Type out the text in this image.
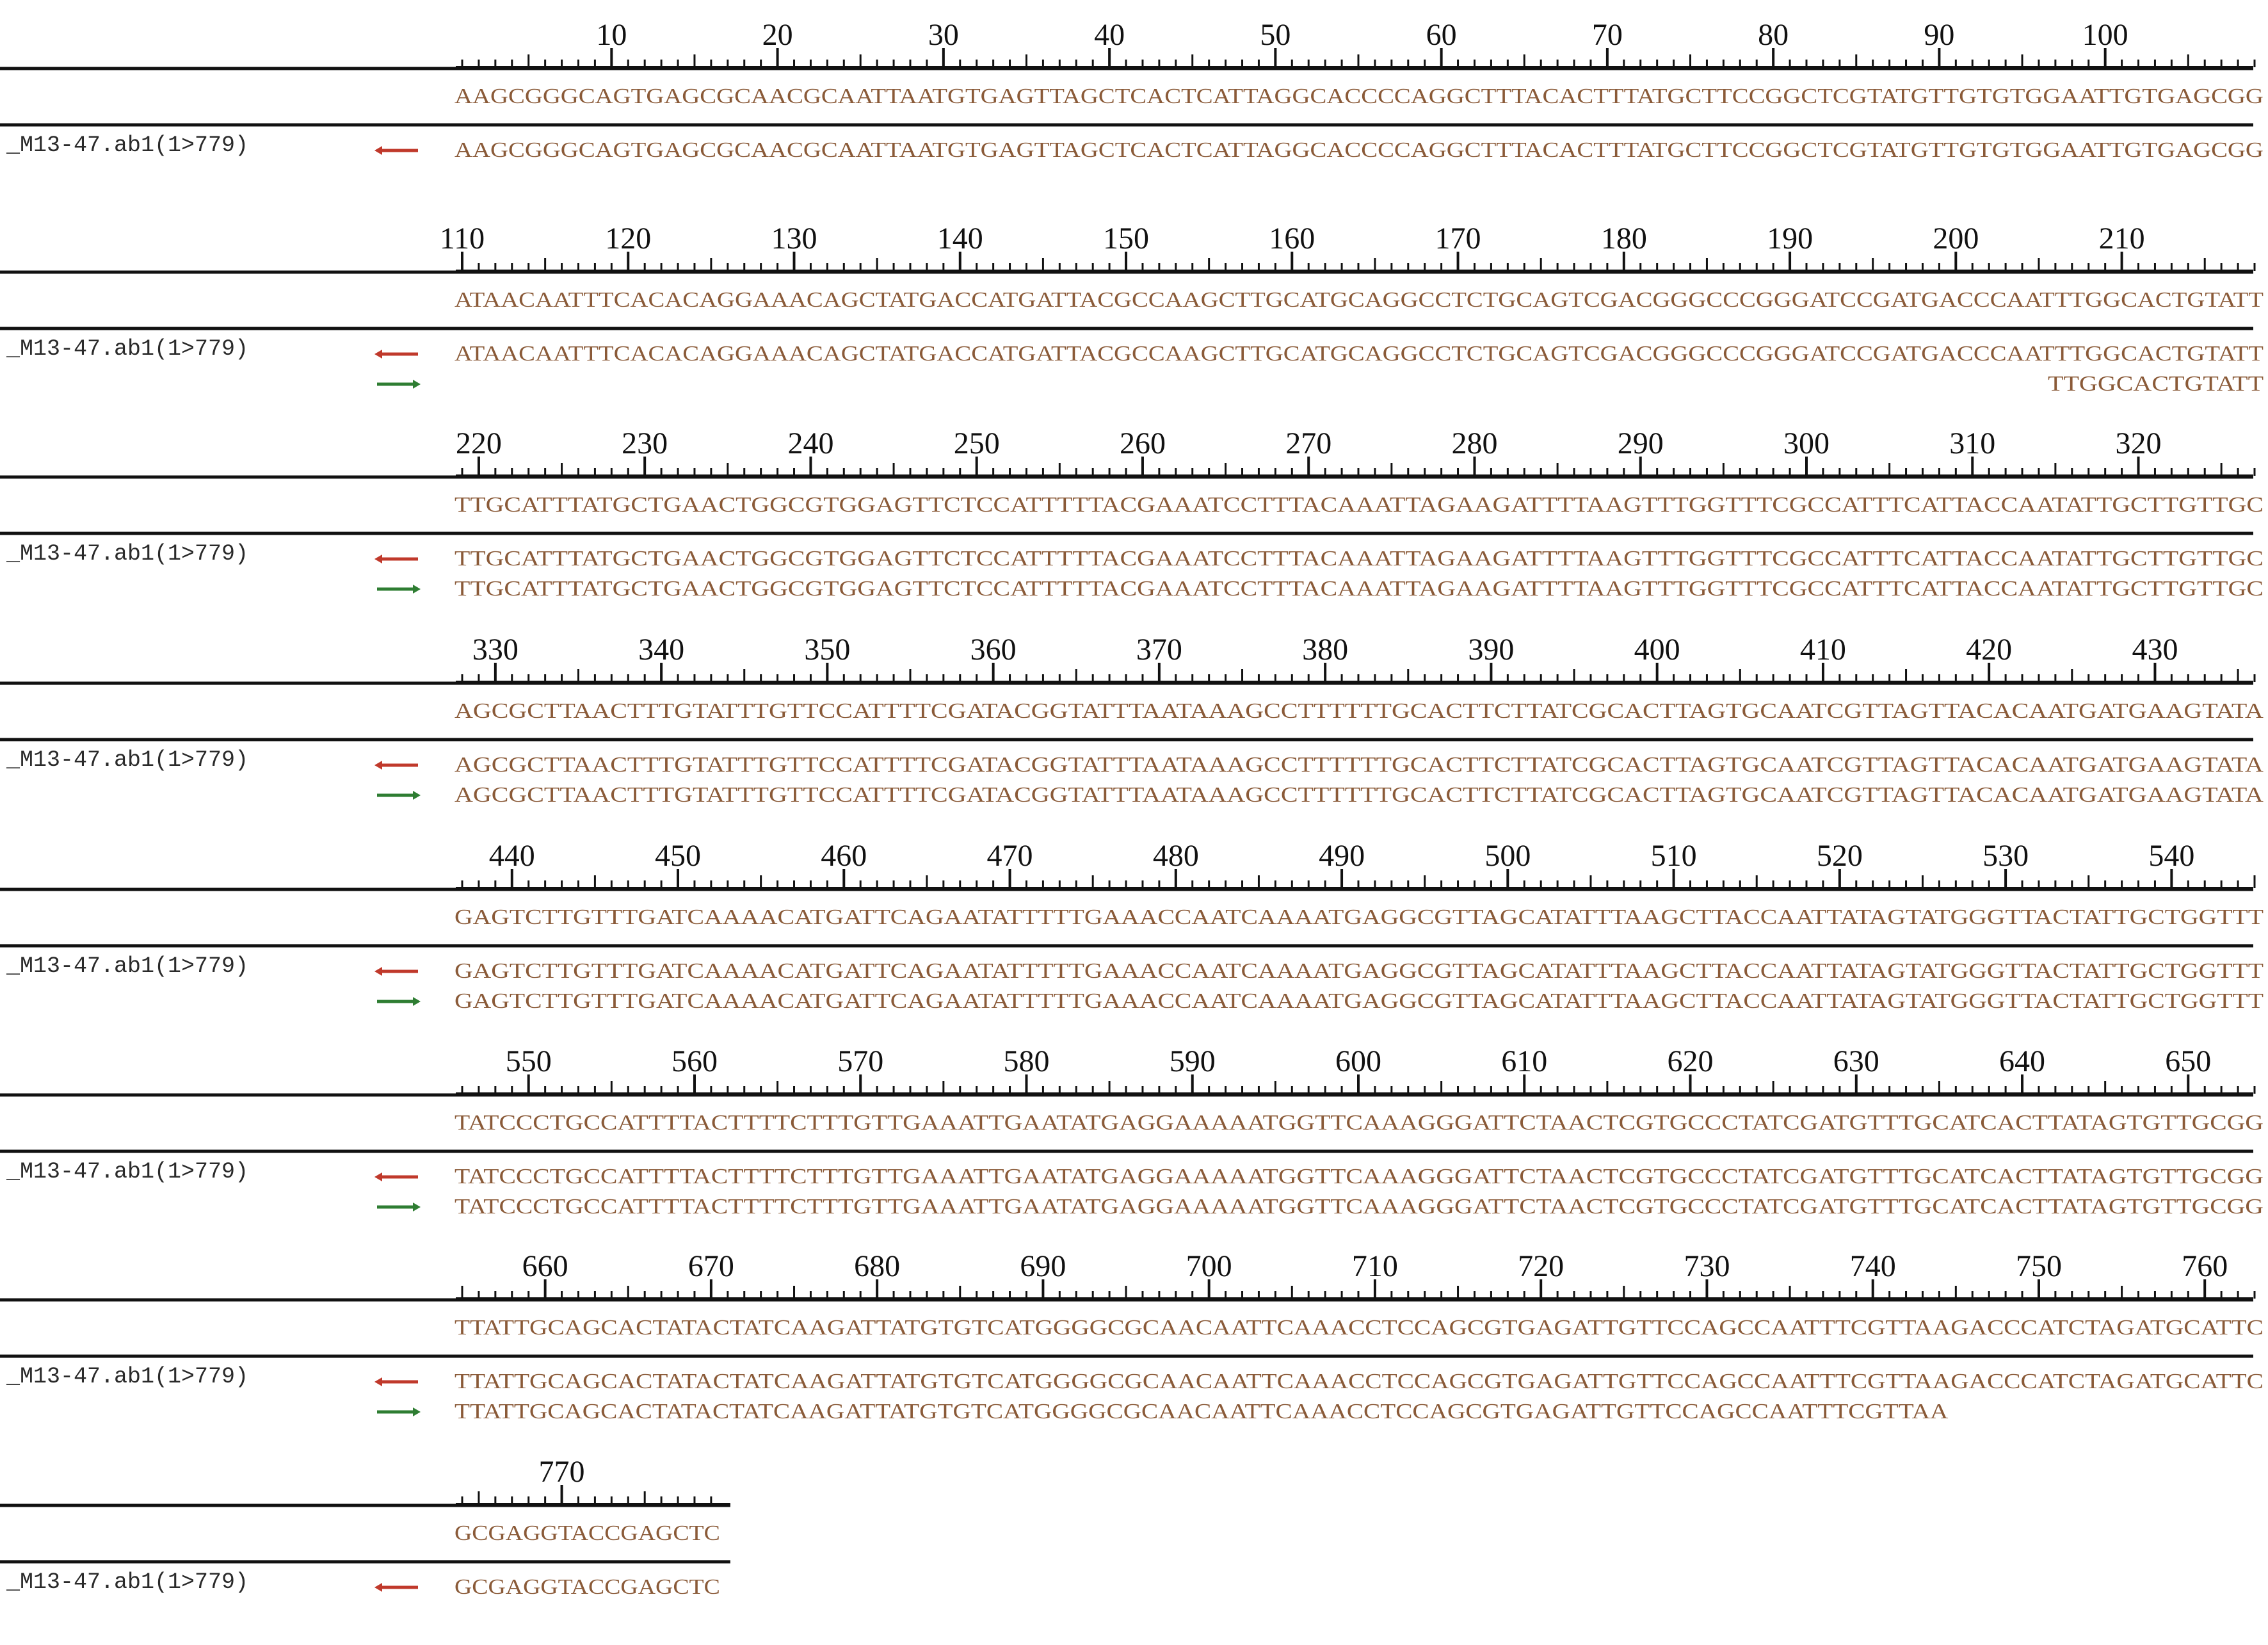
10	20	30	40	50	60	70	80	90	100
AAGCGGGCAGTGAGCGCAACGCAATTAATGTGAGTTAGCTCACTCATTAGGCACCCCAGGCTTTACACTTTATGCTTCCGGCTCGTATGTTGTGTGGAATTGTGAGCGG
_M13-47.ab1(1>779)	AAGCGGGCAGTGAGCGCAACGCAATTAATGTGAGTTAGCTCACTCATTAGGCACCCCAGGCTTTACACTTTATGCTTCCGGCTCGTATGTTGTGTGGAATTGTGAGCGG
110	120	130	140	150	160	170	180	190	200	210
ATAACAATTTCACACAGGAAACAGCTATGACCATGATTACGCCAAGCTTGCATGCAGGCCTCTGCAGTCGACGGGCCCGGGATCCGATGACCCAATTTGGCACTGTATT
_M13-47.ab1(1>779)	ATAACAATTTCACACAGGAAACAGCTATGACCATGATTACGCCAAGCTTGCATGCAGGCCTCTGCAGTCGACGGGCCCGGGATCCGATGACCCAATTTGGCACTGTATT
TTGGCACTGTATT
220	230	240	250	260	270	280	290	300	310	320
TTGCATTTATGCTGAACTGGCGTGGAGTTCTCCATTTTTACGAAATCCTTTACAAATTAGAAGATTTTAAGTTTGGTTTCGCCATTTCATTACCAATATTGCTTGTTGC
_M13-47.ab1(1>779)	TTGCATTTATGCTGAACTGGCGTGGAGTTCTCCATTTTTACGAAATCCTTTACAAATTAGAAGATTTTAAGTTTGGTTTCGCCATTTCATTACCAATATTGCTTGTTGC
TTGCATTTATGCTGAACTGGCGTGGAGTTCTCCATTTTTACGAAATCCTTTACAAATTAGAAGATTTTAAGTTTGGTTTCGCCATTTCATTACCAATATTGCTTGTTGC
330	340	350	360	370	380	390	400	410	420	430
AGCGCTTAACTTTGTATTTGTTCCATTTTCGATACGGTATTTAATAAAGCCTTTTTTGCACTTCTTATCGCACTTAGTGCAATCGTTAGTTACACAATGATGAAGTATA
_M13-47.ab1(1>779)	AGCGCTTAACTTTGTATTTGTTCCATTTTCGATACGGTATTTAATAAAGCCTTTTTTGCACTTCTTATCGCACTTAGTGCAATCGTTAGTTACACAATGATGAAGTATA
AGCGCTTAACTTTGTATTTGTTCCATTTTCGATACGGTATTTAATAAAGCCTTTTTTGCACTTCTTATCGCACTTAGTGCAATCGTTAGTTACACAATGATGAAGTATA
440	450	460	470	480	490	500	510	520	530	540
GAGTCTTGTTTGATCAAAACATGATTCAGAATATTTTTGAAACCAATCAAAATGAGGCGTTAGCATATTTAAGCTTACCAATTATAGTATGGGTTACTATTGCTGGTTT
_M13-47.ab1(1>779)	GAGTCTTGTTTGATCAAAACATGATTCAGAATATTTTTGAAACCAATCAAAATGAGGCGTTAGCATATTTAAGCTTACCAATTATAGTATGGGTTACTATTGCTGGTTT
GAGTCTTGTTTGATCAAAACATGATTCAGAATATTTTTGAAACCAATCAAAATGAGGCGTTAGCATATTTAAGCTTACCAATTATAGTATGGGTTACTATTGCTGGTTT
550	560	570	580	590	600	610	620	630	640	650
TATCCCTGCCATTTTACTTTTCTTTGTTGAAATTGAATATGAGGAAAAATGGTTCAAAGGGATTCTAACTCGTGCCCTATCGATGTTTGCATCACTTATAGTGTTGCGG
_M13-47.ab1(1>779)	TATCCCTGCCATTTTACTTTTCTTTGTTGAAATTGAATATGAGGAAAAATGGTTCAAAGGGATTCTAACTCGTGCCCTATCGATGTTTGCATCACTTATAGTGTTGCGG
TATCCCTGCCATTTTACTTTTCTTTGTTGAAATTGAATATGAGGAAAAATGGTTCAAAGGGATTCTAACTCGTGCCCTATCGATGTTTGCATCACTTATAGTGTTGCGG
660	670	680	690	700	710	720	730	740	750	760
TTATTGCAGCACTATACTATCAAGATTATGTGTCATGGGGCGCAACAATTCAAACCTCCAGCGTGAGATTGTTCCAGCCAATTTCGTTAAGACCCATCTAGATGCATTC
_M13-47.ab1(1>779)	TTATTGCAGCACTATACTATCAAGATTATGTGTCATGGGGCGCAACAATTCAAACCTCCAGCGTGAGATTGTTCCAGCCAATTTCGTTAAGACCCATCTAGATGCATTC
TTATTGCAGCACTATACTATCAAGATTATGTGTCATGGGGCGCAACAATTCAAACCTCCAGCGTGAGATTGTTCCAGCCAATTTCGTTAA
770
GCGAGGTACCGAGCTC
_M13-47.ab1(1>779)	GCGAGGTACCGAGCTC
